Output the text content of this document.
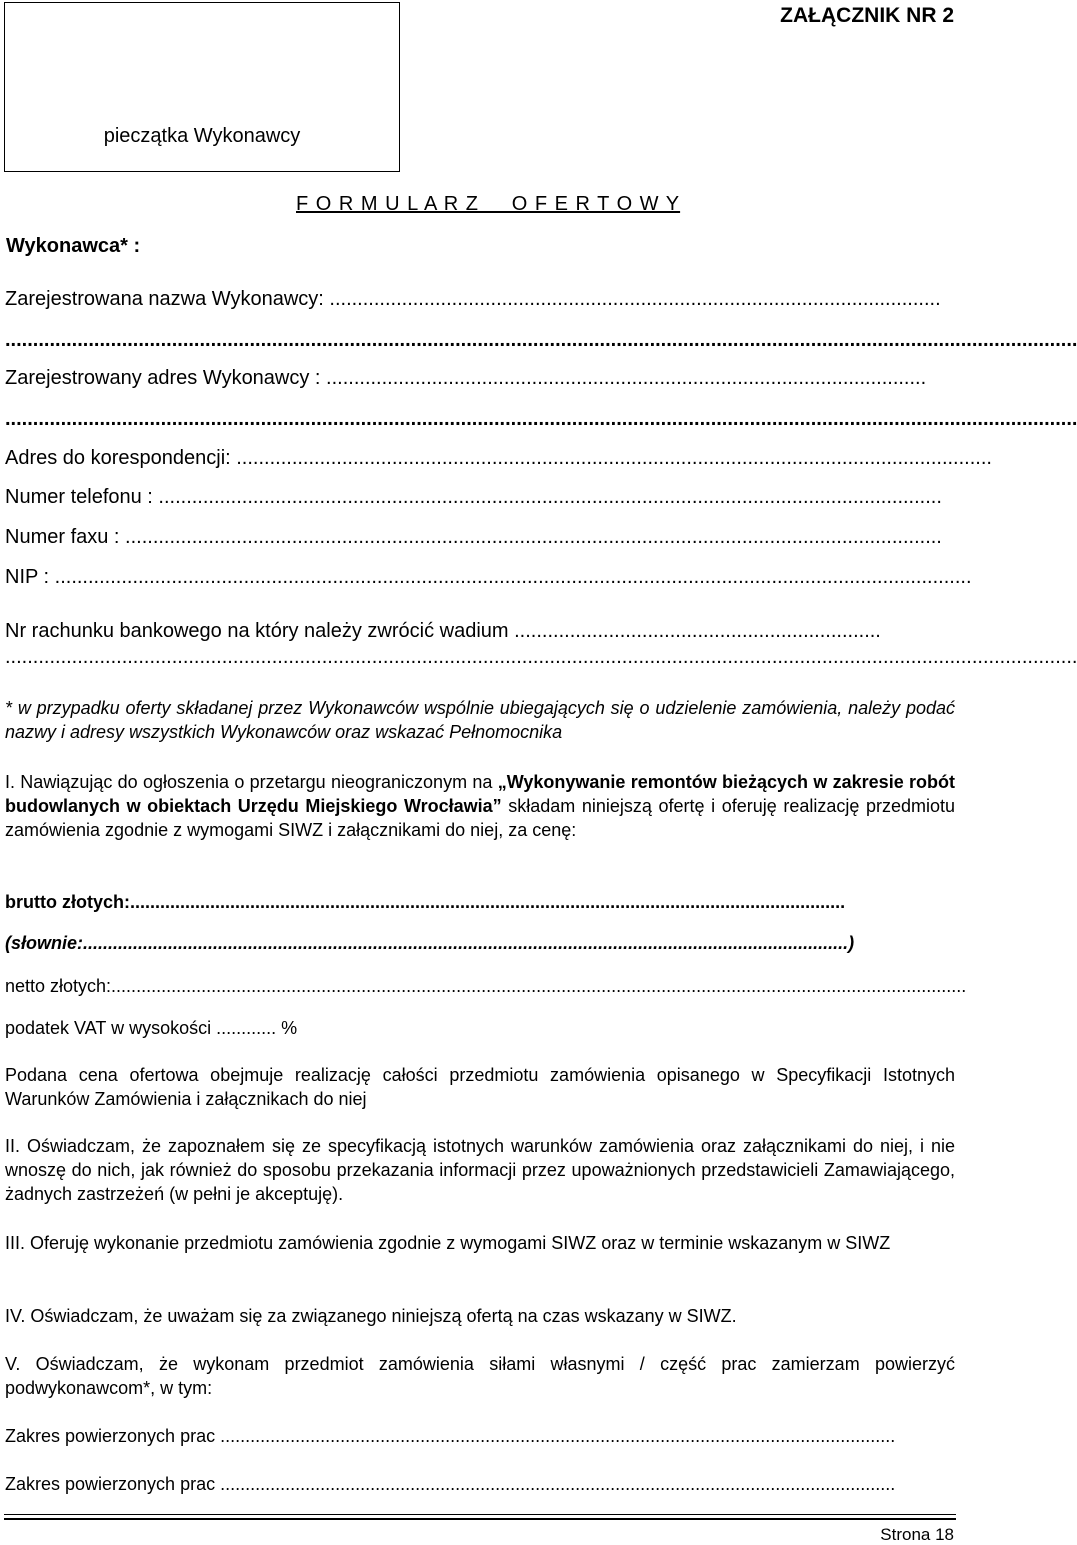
pieczątka Wykonawcy
ZAŁĄCZNIK NR 2
F O R M U L A R Z     O F E R T O W Y
Wykonawca* :
Zarejestrowana nazwa Wykonawcy: ..............................................................................................................
.................................................................................................................................................................................................
Zarejestrowany adres Wykonawcy : ............................................................................................................
.................................................................................................................................................................................................
Adres do korespondencji: ........................................................................................................................................
Numer telefonu : .............................................................................................................................................
Numer faxu : ...................................................................................................................................................
NIP : .....................................................................................................................................................................
Nr rachunku bankowego na który należy zwrócić wadium ..................................................................
.................................................................................................................................................................................................
* w przypadku oferty składanej przez Wykonawców wspólnie ubiegających się o udzielenie zamówienia, należy podać nazwy i adresy wszystkich Wykonawców oraz wskazać Pełnomocnika
I. Nawiązując do ogłoszenia o przetargu nieograniczonym na „Wykonywanie remontów bieżących w zakresie robót budowlanych w obiektach Urzędu Miejskiego Wrocławia” składam niniejszą ofertę i oferuję realizację przedmiotu zamówienia zgodnie z wymogami SIWZ i załącznikami do niej, za cenę:
brutto złotych:...............................................................................................................................................
(słownie:.........................................................................................................................................................)
netto złotych:...........................................................................................................................................................................
podatek VAT w wysokości ............ %
Podana cena ofertowa obejmuje realizację całości przedmiotu zamówienia opisanego w Specyfikacji Istotnych Warunków Zamówienia i załącznikach do niej
II. Oświadczam, że zapoznałem się ze specyfikacją istotnych warunków zamówienia oraz załącznikami do niej, i nie wnoszę do nich, jak również do sposobu przekazania informacji przez upoważnionych przedstawicieli Zamawiającego, żadnych zastrzeżeń (w pełni je akceptuję).
III. Oferuję wykonanie przedmiotu zamówienia zgodnie z wymogami SIWZ oraz w terminie wskazanym w SIWZ
IV. Oświadczam, że uważam się za związanego niniejszą ofertą na czas wskazany w SIWZ.
V. Oświadczam, że wykonam przedmiot zamówienia siłami własnymi / część prac zamierzam powierzyć podwykonawcom*, w tym:
Zakres powierzonych prac .......................................................................................................................................
Zakres powierzonych prac .......................................................................................................................................
Strona 18
